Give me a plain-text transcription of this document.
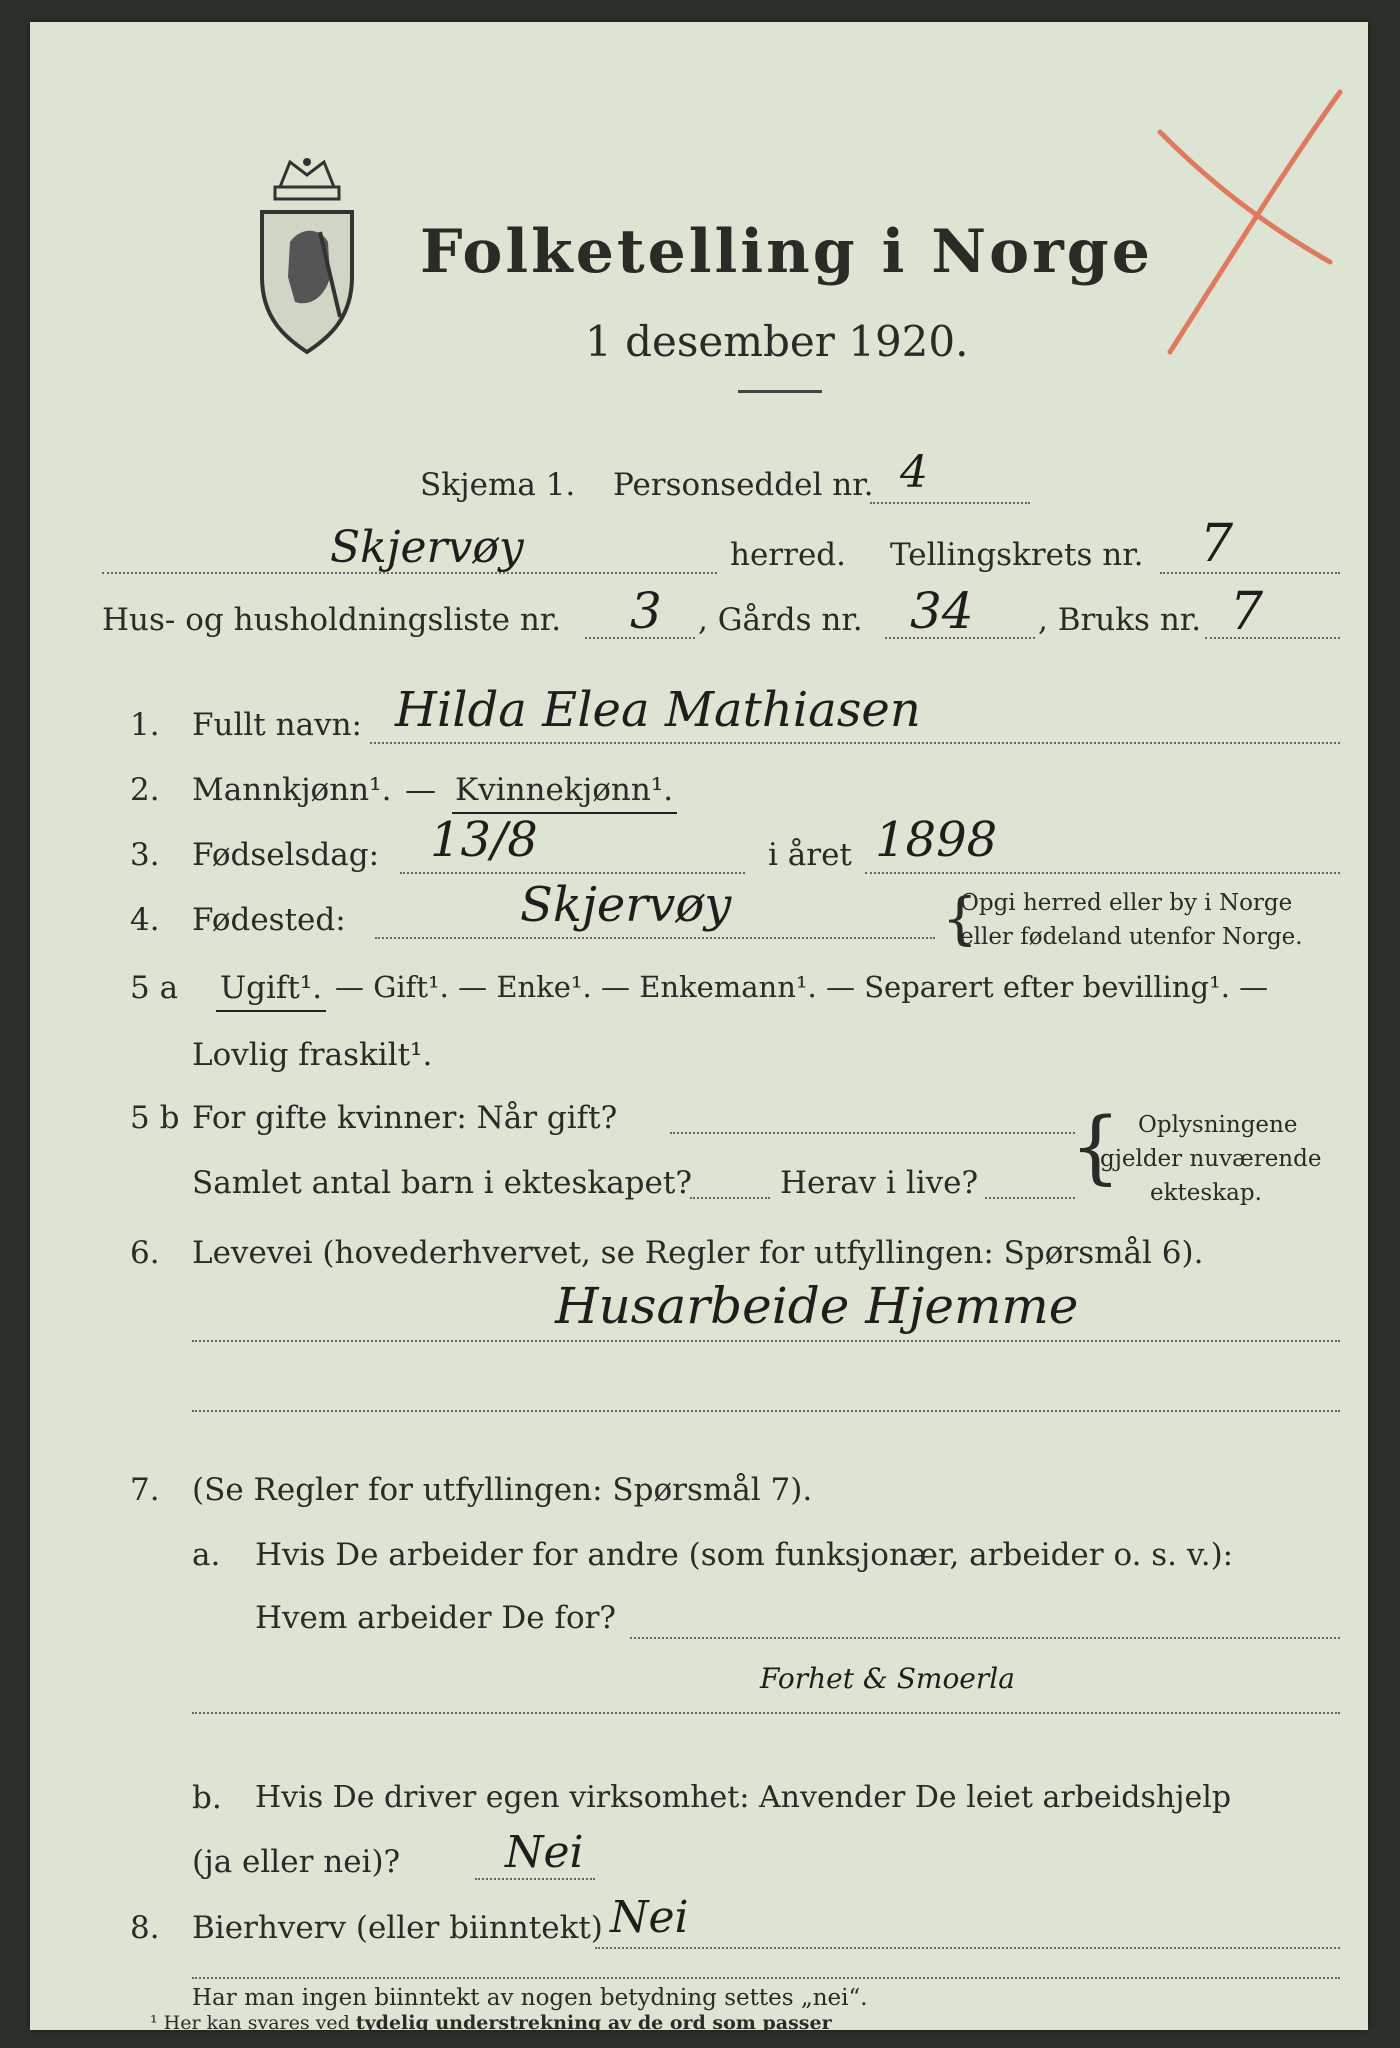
Folketelling i Norge
1 desember 1920.
Skjema 1. Personseddel nr. 4
Skjervøy	herred. Tellingskrets nr. 7
Hus- og husholdningsliste nr. 3 , Gårds nr. 34 , Bruks nr. 7
1. Fullt navn: Hilda Elea Mathiasen
2. Mannkjønn¹. — Kvinnekjønn¹.
3. Fødselsdag: 13/8	i året 1898
4. Fødested:	Skjervøy	Opgi herred eller by i Norge
eller fødeland utenfor Norge.
{
5 a Ugift¹. — Gift¹. — Enke¹. — Enkemann¹. — Separert efter bevilling¹. —
Lovlig fraskilt¹.
5 b For gifte kvinner: Når gift?
Samlet antal barn i ekteskapet?	Herav i live? { Oplysningene
gjelder nuværende
ekteskap.
6. Levevei (hovederhvervet, se Regler for utfyllingen: Spørsmål 6).
Husarbeide Hjemme
7. (Se Regler for utfyllingen: Spørsmål 7).
a. Hvis De arbeider for andre (som funksjonær, arbeider o. s. v.):
Hvem arbeider De for?
Forhet & Smoerla
b. Hvis De driver egen virksomhet: Anvender De leiet arbeidshjelp
(ja eller nei)? Nei
8. Bierhverv (eller biinntekt) Nei
Har man ingen biinntekt av nogen betydning settes „nei“.
¹ Her kan svares ved tydelig understrekning av de ord som passer
